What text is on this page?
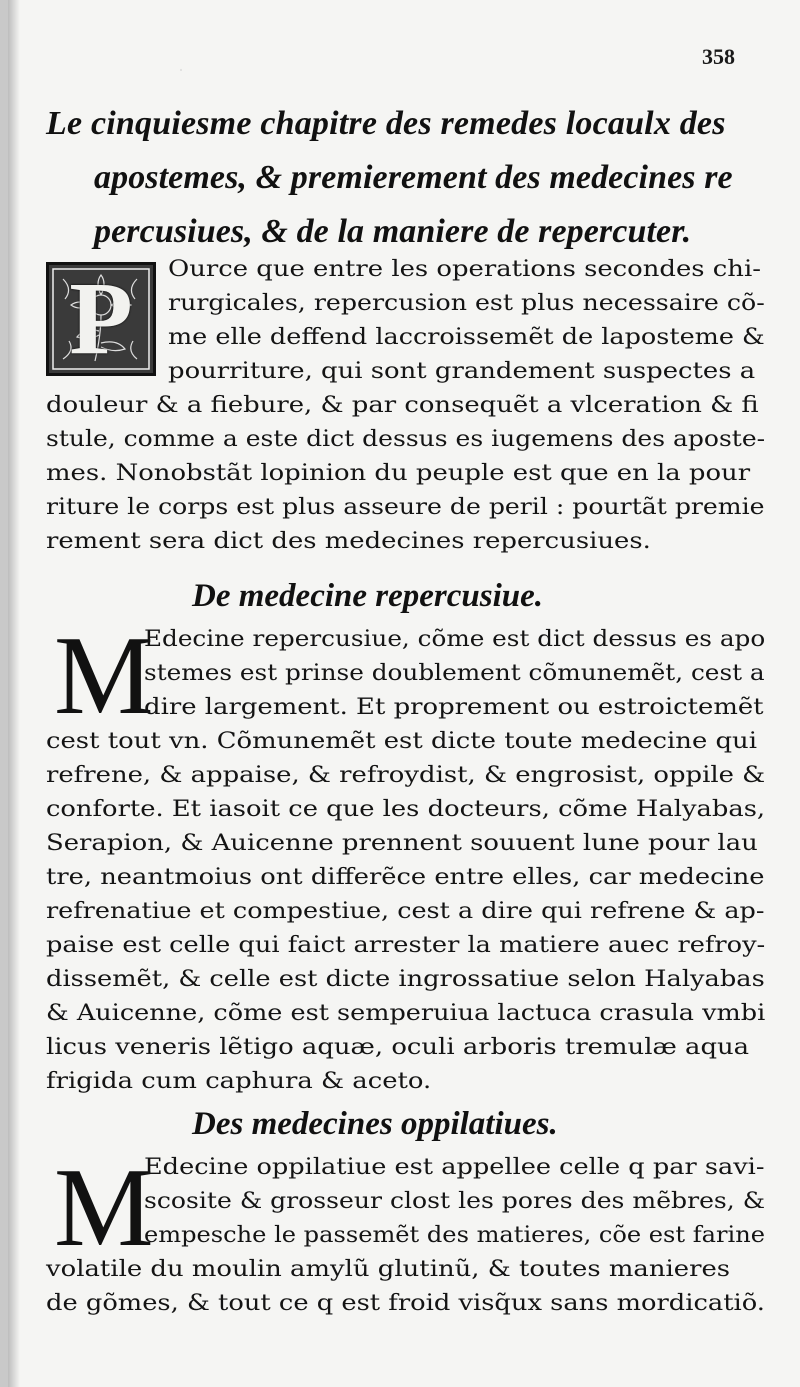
·
358
Le cinquiesme chapitre des remedes locaulx des
apostemes, & premierement des medecines re
percusiues, & de la maniere de repercuter.
P	Ource que entre les operations secondes chi-
rurgicales, repercusion est plus necessaire cõ-
me elle deffend laccroissemẽt de laposteme &
pourriture, qui sont grandement suspectes a
douleur & a fiebure, & par consequẽt a vlceration & fi
stule, comme a este dict dessus es iugemens des aposte-
mes. Nonobstãt lopinion du peuple est que en la pour
riture le corps est plus asseure de peril : pourtãt premie
rement sera dict des medecines repercusiues.
De medecine repercusiue.
M
Edecine repercusiue, cõme est dict dessus es apo
stemes est prinse doublement cõmunemẽt, cest a
dire largement. Et proprement ou estroictemẽt
cest tout vn. Cõmunemẽt est dicte toute medecine qui
refrene, & appaise, & refroydist, & engrosist, oppile &
conforte. Et iasoit ce que les docteurs, cõme Halyabas,
Serapion, & Auicenne prennent souuent lune pour lau
tre, neantmoius ont differẽce entre elles, car medecine
refrenatiue et compestiue, cest a dire qui refrene & ap-
paise est celle qui faict arrester la matiere auec refroy-
dissemẽt, & celle est dicte ingrossatiue selon Halyabas
& Auicenne, cõme est semperuiua lactuca crasula vmbi
licus veneris lẽtigo aquæ, oculi arboris tremulæ aqua
frigida cum caphura & aceto.
Des medecines oppilatiues.
M
Edecine oppilatiue est appellee celle q par savi-
scosite & grosseur clost les pores des mẽbres, &
empesche le passemẽt des matieres, cõe est farine
volatile du moulin amylũ glutinũ, & toutes manieres
de gõmes, & tout ce q est froid visq̃ux sans mordicatiõ.
